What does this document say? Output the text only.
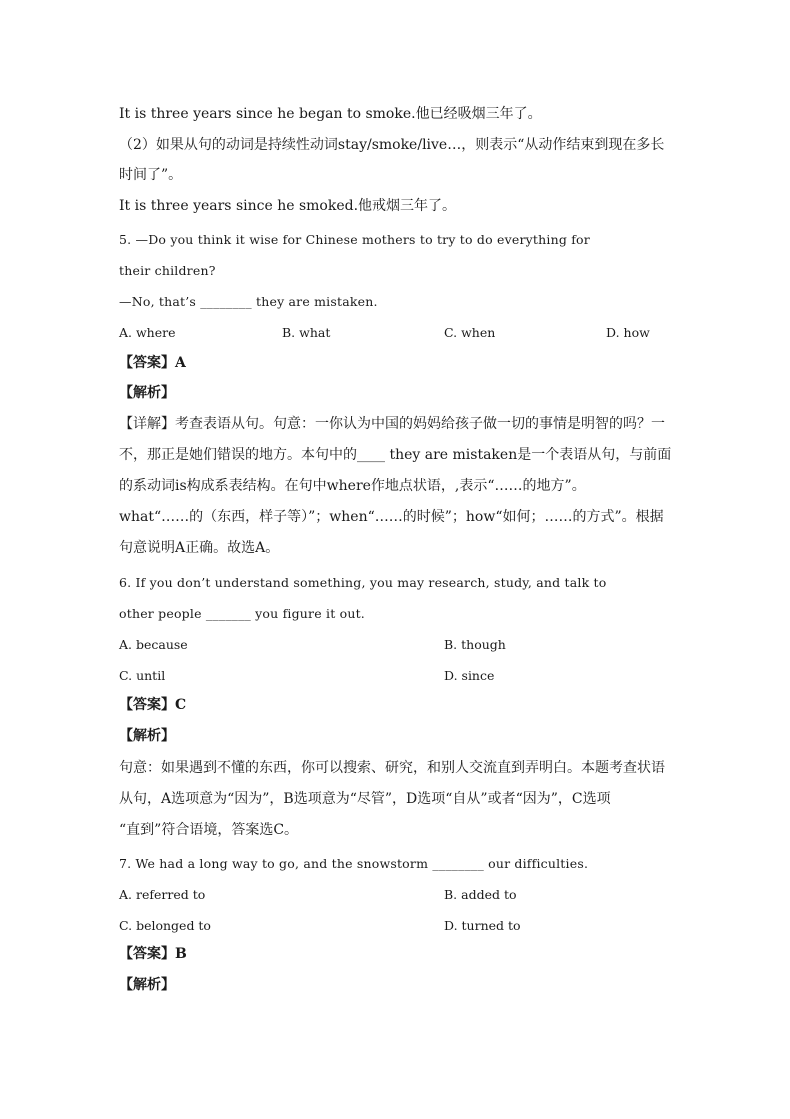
It is three years since he began to smoke.他已经吸烟三年了。
（2）如果从句的动词是持续性动词stay/smoke/live…，则表示“从动作结束到现在多长
时间了”。
It is three years since he smoked.他戒烟三年了。
5. —Do you think it wise for Chinese mothers to try to do everything for
their children?
—No, that’s ________ they are mistaken.
A. where	B. what	C. when	D. how
【答案】A
【解析】
【详解】考查表语从句。句意：一你认为中国的妈妈给孩子做一切的事情是明智的吗？一
不，那正是她们错误的地方。本句中的____ they are mistaken是一个表语从句，与前面
的系动词is构成系表结构。在句中where作地点状语，,表示“……的地方”。
what“……的（东西，样子等）”；when“……的时候”；how“如何；……的方式”。根据
句意说明A正确。故选A。
6. If you don’t understand something, you may research, study, and talk to
other people _______ you figure it out.
A. because	B. though
C. until	D. since
【答案】C
【解析】
句意：如果遇到不懂的东西，你可以搜索、研究，和别人交流直到弄明白。本题考查状语
从句，A选项意为“因为”，B选项意为“尽管”，D选项“自从”或者“因为”，C选项
“直到”符合语境，答案选C。
7. We had a long way to go, and the snowstorm ________ our difficulties.
A. referred to	B. added to
C. belonged to	D. turned to
【答案】B
【解析】
